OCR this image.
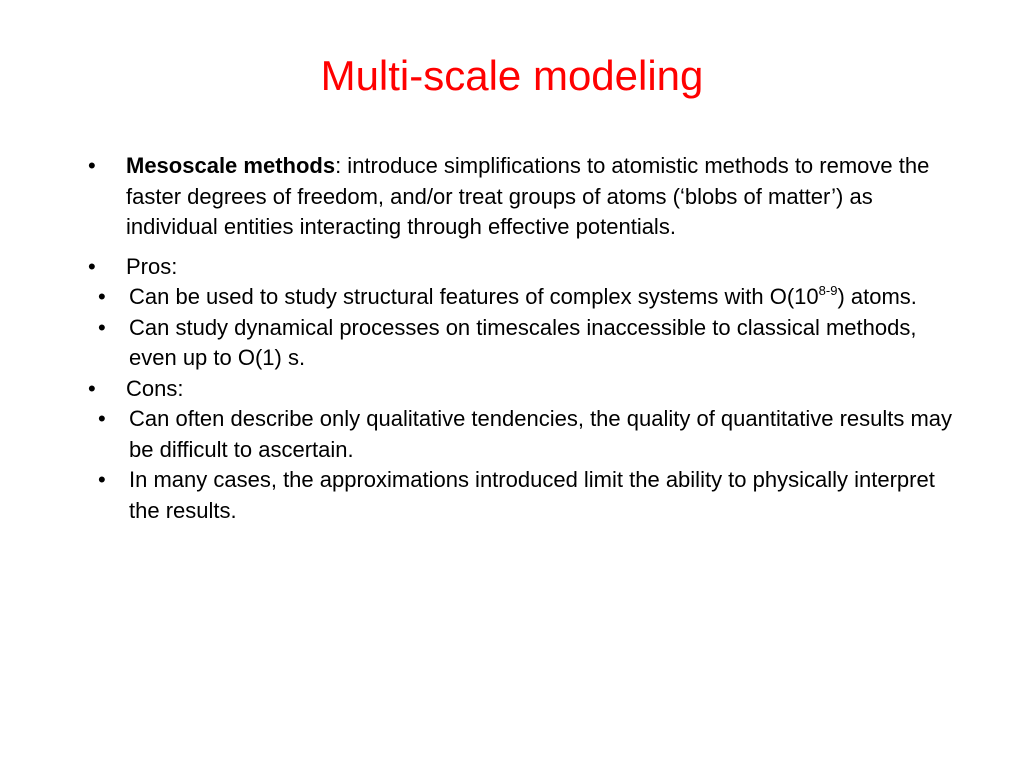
Multi-scale modeling
• Mesoscale methods: introduce simplifications to atomistic methods to remove the faster degrees of freedom, and/or treat groups of atoms (‘blobs of matter’) as individual entities interacting through effective potentials.
• Pros:
• Can be used to study structural features of complex systems with O(10$^{8-9}$) atoms.
• Can study dynamical processes on timescales inaccessible to classical methods, even up to O(1) s.
• Cons:
• Can often describe only qualitative tendencies, the quality of quantitative results may be difficult to ascertain.
• In many cases, the approximations introduced limit the ability to physically interpret the results.
